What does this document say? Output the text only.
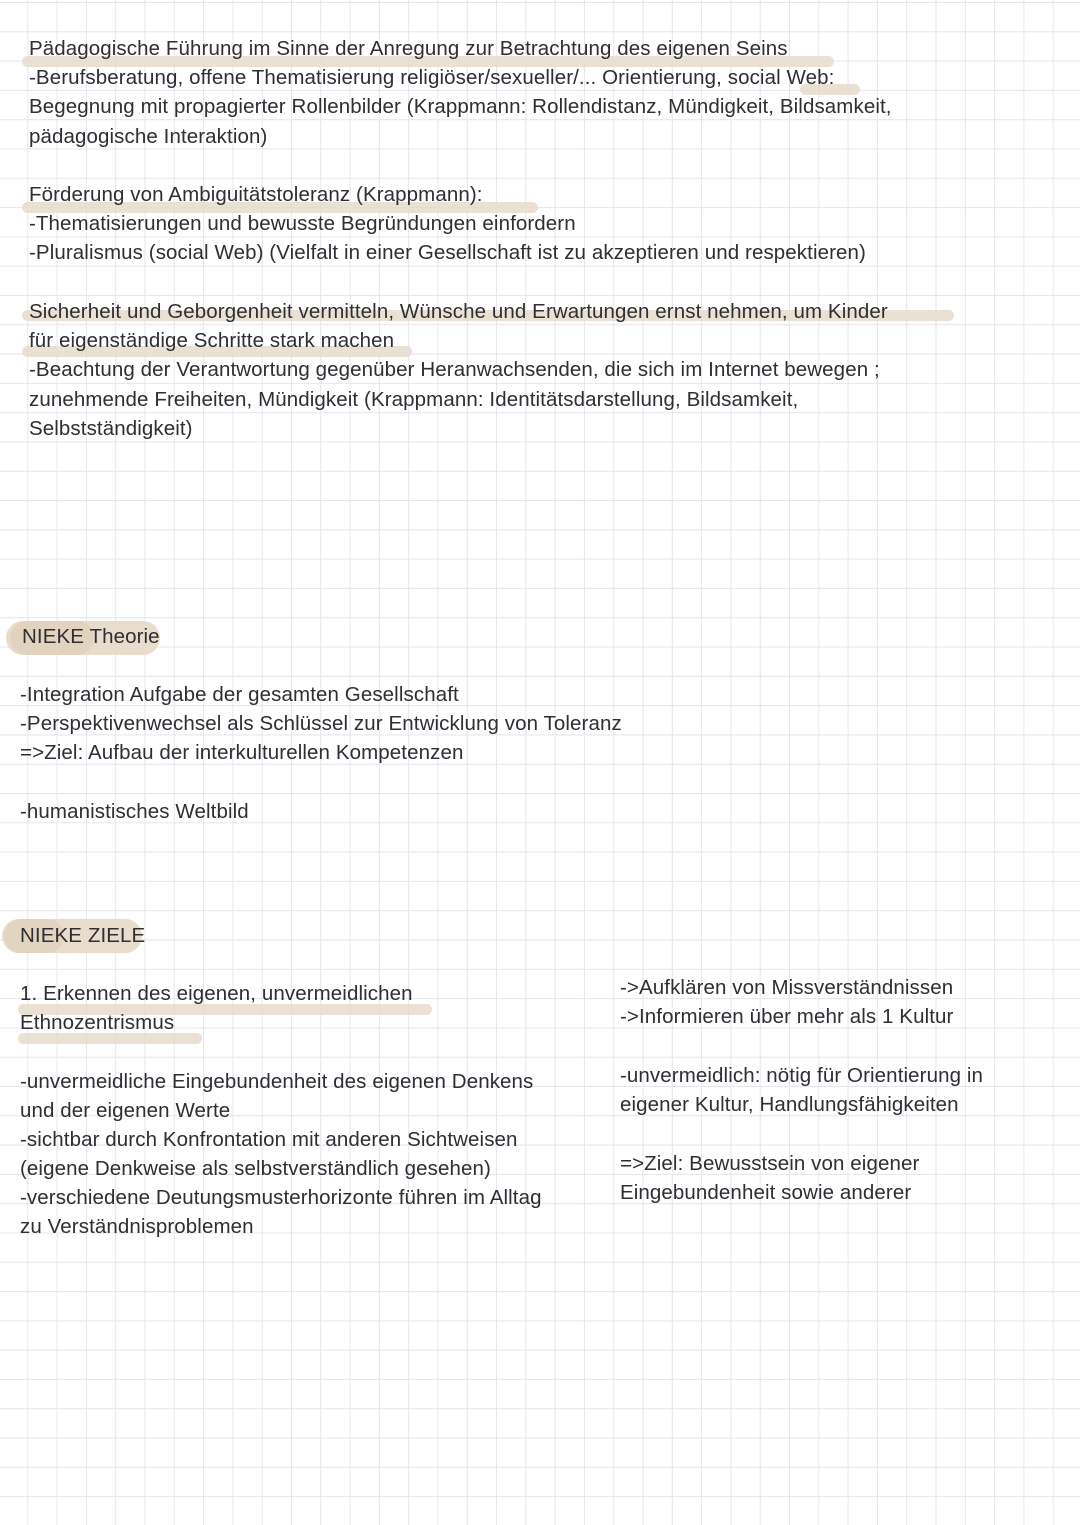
Pädagogische Führung im Sinne der Anregung zur Betrachtung des eigenen Seins
-Berufsberatung, offene Thematisierung religiöser/sexueller/... Orientierung, social Web:
Begegnung mit propagierter Rollenbilder (Krappmann: Rollendistanz, Mündigkeit, Bildsamkeit,
pädagogische Interaktion)
Förderung von Ambiguitätstoleranz (Krappmann):
-Thematisierungen und bewusste Begründungen einfordern
-Pluralismus (social Web) (Vielfalt in einer Gesellschaft ist zu akzeptieren und respektieren)
Sicherheit und Geborgenheit vermitteln, Wünsche und Erwartungen ernst nehmen, um Kinder
für eigenständige Schritte stark machen
-Beachtung der Verantwortung gegenüber Heranwachsenden, die sich im Internet bewegen ;
zunehmende Freiheiten, Mündigkeit (Krappmann: Identitätsdarstellung, Bildsamkeit,
Selbstständigkeit)
NIEKE Theorie
-Integration Aufgabe der gesamten Gesellschaft
-Perspektivenwechsel als Schlüssel zur Entwicklung von Toleranz
=>Ziel: Aufbau der interkulturellen Kompetenzen
-humanistisches Weltbild
NIEKE ZIELE
1. Erkennen des eigenen, unvermeidlichen
Ethnozentrismus
-unvermeidliche Eingebundenheit des eigenen Denkens
und der eigenen Werte
-sichtbar durch Konfrontation mit anderen Sichtweisen
(eigene Denkweise als selbstverständlich gesehen)
-verschiedene Deutungsmusterhorizonte führen im Alltag
zu Verständnisproblemen
->Aufklären von Missverständnissen
->Informieren über mehr als 1 Kultur
-unvermeidlich: nötig für Orientierung in
eigener Kultur, Handlungsfähigkeiten
=>Ziel: Bewusstsein von eigener
Eingebundenheit sowie anderer
